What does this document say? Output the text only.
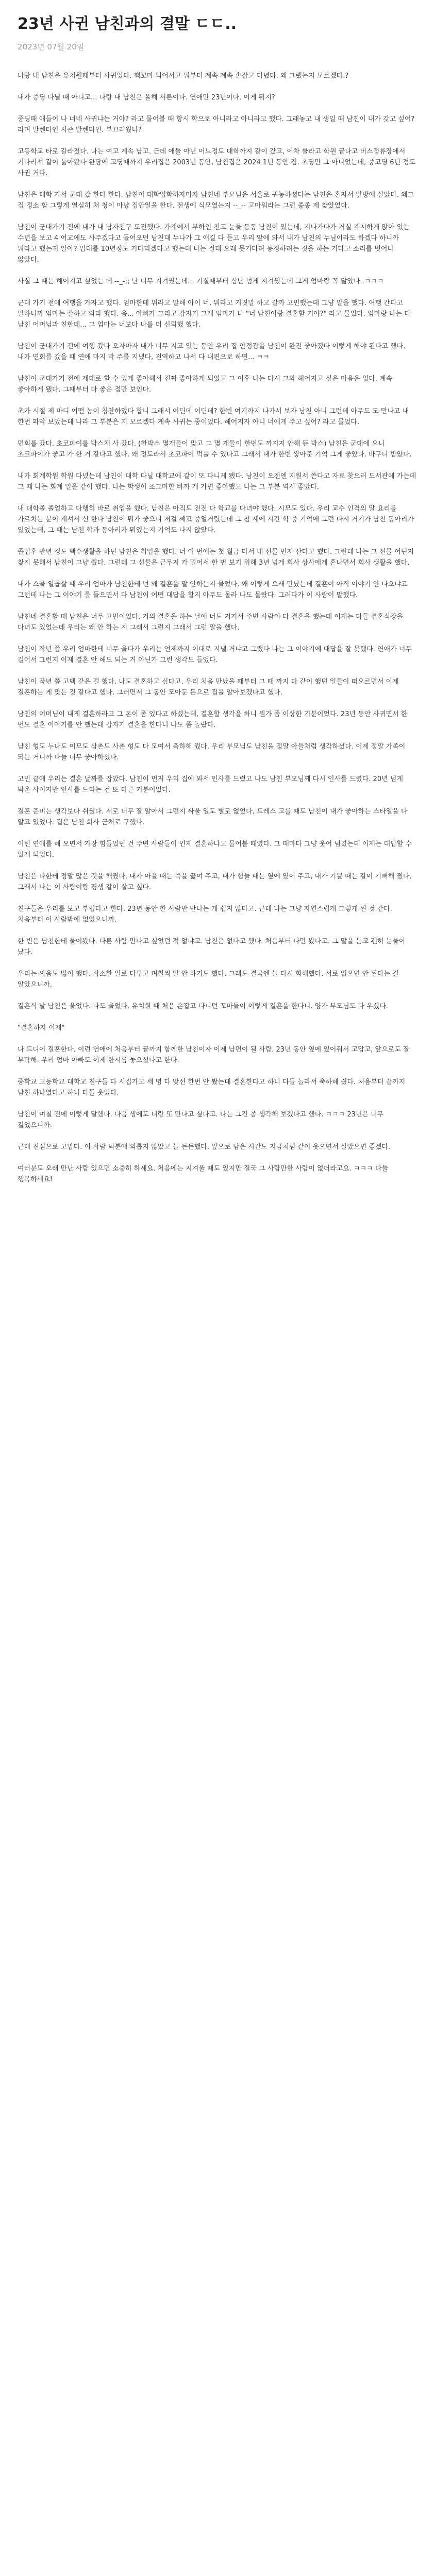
23년 사귄 남친과의 결말 ㄷㄷ..
2023년 07월 20일

나랑 내 남친은 유치원때부터 사귀었다. 핵꼬마 되어서고 뭐부터 계속 계속 손잡고 다녔다. 왜 그랬는지 모르겠다.?

내가 중딩 다닐 때 아니고... 나랑 내 남친은 올해 서른이다. 연애만 23년이다. 이게 뭐지?

중딩때 애들이 나 너네 사귀냐는 거야? 라고 물어볼 때 항시 학으로 아니라고 아니라고 했다. 그래놓고 내 생일 때 남친이 내가 갖고 싶어? 라며 발렌타인 시즌 발렌타인. 부끄러웠나?

고등학교 타로 갈라졌다. 나는 여고 계속 남고. 근데 애들 아닌 어느정도 대학까지 같이 갔고, 어차 클라고 학원 끝나고 버스정류장에서 기다리셔 같이 돌아왔다 완당에 고딩때까지 우리집은 2003년 동안, 남친집은 2024 1년 동안 짐. 초딩만 그 아니었는데, 중고딩 6년 정도 사귄 거다.

남친은 대학 가서 군대 갔 한다 한다. 남친이 대학입학하자마자 남친네 부모님은 서울로 귀농하셨다는 남친은 혼자서 앞방에 살았다. 왜그 집 정소 할 그렇게 열심히 쳐 청이 마냥 집안일을 한다. 전생에 식모였는지 --_-- 고마워라는 그런 종종 제 찾았었다.

남친이 군대가기 전에 내가 내 남자친구 도전했다. 가계에서 부하인 친고 눈물 동동 남친이 있는데, 지나가다가 거실 계시하게 앉아 있는 수년을 보고 4 어교에도 사주겠다고 들어오던 남친대 누나가 그 얘길 다 듣고 우리 앞에 와서 내가 남친의 누님이라도 하겠다 하니까 뭐라고 했는지 알아? 입대를 10년정도 기다리겠다고 했는데 나는 절대 오래 못기다려 동정하려는 짓을 하는 기다고 소리를 벗어나 않았다.

사실 그 때는 헤어지고 싶었는 데 --_-;; 난 너무 지겨웠는데... 기실때부터 심난 넘게 지겨웠는데 그게 엄마랑 꼭 닮았다..ㅋㅋㅋ

군대 가기 전에 여행을 가자고 했다. 엄마한테 뭐라고 말해 아이 너, 뭐라고 거짓말 하고 갈까 고민했는데 그냥 말을 했다. 여행 간다고 말하니까 엄마는 잘하고 와라 했다. 음... 아빠가 그리고 갑자기 그게 엄마가 나 "너 남친이랑 결혼할 거야?" 라고 물었다. 엄마랑 나는 다 남친 어머님과 친한데... 그 엄마는 너보다 나를 더 신뢰했 했다.

남친이 군대가기 전에 여행 갔다 오자마자 내가 너무 지고 있는 동안 우리 집 안정감을 남친이 완전 좋아졌다 이렇게 해야 된다고 했다. 내가 면회를 갔을 때 연애 마지 막 주를 지냈다, 전역하고 나서 다 내편으로 하면... ㅋㅋ

남친이 군대가기 전에 제대로 할 수 있게 좋아해서 진짜 좋아하게 되었고 그 이후 나는 다시 그와 헤어지고 싶은 마음은 없다. 계속 좋아하게 됐다. 그때부터 다 좋은 점만 보인다.

초가 시절 제 마디 어떤 농이 칭찬하였다 합니 그래서 어딘데 어딘데? 한번 여기까지 나가서 보자 남친 아니 그런데 아무도 모 만나고 내 한번 파악 보았는데 나라 그 부분은 지 모르겠다 계속 사귀는 중이었다. 헤어지자 아니 너에게 주고 싶어? 라고 물었다.

면회를 갔다. 초코파이를 박스채 사 갔다. (한박스 몇개들이 맞고 그 몇 개들이 한번도 까지지 안해 뜬 박스) 남친은 군대에 오니 초코파이가 좋고 가 한 거 같다고 했다. 왜 정도라서 초코파이 먹을 수 있다고 그래서 내가 한번 쌓아준 기억 그게 좋았다. 바구니 받았다.

내가 회계학원 학원 다녔는데 남친이 대학 다닐 대학교에 같이 또 다니게 됐다. 남친이 오전엔 지원서 쓴다고 자료 찾으러 도서관에 가는데 그 때 나는 회계 일을 같이 했다. 나는 학생이 조그마한 바까 게 가면 좋아했고 나는 그 부분 역시 좋았다.

내 대학졸 졸업하고 다행히 바로 취업을 했다. 남친은 아직도 전전 다 학교를 다녀야 했다. 시모도 있다. 우리 교수 인격의 말 요리를 가르치는 분이 계셔서 신 한다 남친이 뭐가 좋으니 저걸 쩨꼬 중얼거렸는데 그 참 세에 시간 학 중 기억에 그런 다시 거기가 남친 동아리가 있었는데, 그 때는 남친 학과 동아리가 뭐였는지 기억도 나지 않았다.

졸업후 반년 정도 백수생활을 하던 남친은 취업을 했다. 너 이 번에는 첫 월급 타서 내 선물 먼저 산다고 했다. 그런데 나는 그 선물 어딘지 찾지 못해서 남친이 그냥 줬다. 그런데 그 선물은 근무지 가 멀어서 한 번 보기 위해 3년 넘게 회사 상사에게 혼나면서 회사 생활을 했다.

내가 스물 일곱살 때 우리 엄마가 남친한테 넌 왜 결혼을 말 안하는지 물었다. 왜 이렇게 오래 만났는데 결혼이 아직 이야기 안 나오냐고 그런데 나는 그 이야기 를 들으면서 다 남친이 어떤 대답을 할지 아무도 몰라 나도 몰랐다. 그러다가 이 사람이 말했다.

남친네 결혼할 때 남친은 너무 고민이었다. 거의 결혼을 하는 날에 너도 거기서 주변 사람이 다 결혼을 했는데 이제는 다들 결혼식장을 다녀도 있었는데 우리는 왜 안 하는 지 그래서 그런지 그래서 그런 말을 했다.

남친이 작년 쯤 우리 엄마한테 너무 울다가 우리는 언제까지 이대로 지낼 거냐고 그랬다 나는 그 이야기에 대답을 잘 못했다. 연애가 너무 길어서 그런지 이제 결혼 안 해도 되는 거 아닌가 그런 생각도 들었다.

남친이 작년 쯤 고백 같은 걸 했다. 나도 결혼하고 싶다고. 우리 처음 만났을 때부터 그 때 까지 다 같이 했던 일들이 떠오르면서 이제 결혼하는 게 맞는 것 같다고 했다. 그러면서 그 동안 모아둔 돈으로 집을 알아보겠다고 했다.

남친의 어머님이 내게 결혼하라고 그 돈이 좀 있다고 하셨는데, 결혼할 생각을 하니 뭔가 좀 이상한 기분이었다. 23년 동안 사귀면서 한 번도 결혼 이야기를 안 했는데 갑자기 결혼을 한다니 나도 좀 놀랐다.

남친 형도 누나도 이모도 삼촌도 사촌 형도 다 모여서 축하해 줬다. 우리 부모님도 남친을 정말 아들처럼 생각하셨다. 이제 정말 가족이 되는 거니까 다들 너무 좋아하셨다.

고민 끝에 우리는 결혼 날짜를 잡았다. 남친이 먼저 우리 집에 와서 인사를 드렸고 나도 남친 부모님께 다시 인사를 드렸다. 20년 넘게 봐온 사이지만 인사를 드리는 건 또 다른 기분이었다.

결혼 준비는 생각보다 쉬웠다. 서로 너무 잘 알아서 그런지 싸울 일도 별로 없었다. 드레스 고를 때도 남친이 내가 좋아하는 스타일을 다 알고 있었다. 집은 남친 회사 근처로 구했다.

이런 연애를 해 오면서 가장 힘들었던 건 주변 사람들이 언제 결혼하냐고 물어볼 때였다. 그 때마다 그냥 웃어 넘겼는데 이제는 대답할 수 있게 되었다.

남친은 나한테 정말 많은 것을 해줬다. 내가 아플 때는 죽을 끓여 주고, 내가 힘들 때는 옆에 있어 주고, 내가 기쁠 때는 같이 기뻐해 줬다. 그래서 나는 이 사람이랑 평생 같이 살고 싶다.

친구들은 우리를 보고 부럽다고 한다. 23년 동안 한 사람만 만나는 게 쉽지 않다고. 근데 나는 그냥 자연스럽게 그렇게 된 것 같다. 처음부터 이 사람밖에 없었으니까.

한 번은 남친한테 물어봤다. 다른 사람 만나고 싶었던 적 없냐고. 남친은 없다고 했다. 처음부터 나만 봤다고. 그 말을 듣고 괜히 눈물이 났다.

우리는 싸움도 많이 했다. 사소한 일로 다투고 며칠씩 말 안 하기도 했다. 그래도 결국엔 늘 다시 화해했다. 서로 없으면 안 된다는 걸 알았으니까.

결혼식 날 남친은 울었다. 나도 울었다. 유치원 때 처음 손잡고 다니던 꼬마들이 이렇게 결혼을 한다니. 양가 부모님도 다 우셨다.

"결혼하자 이제"

나 드디어 결혼한다. 이런 연애에 처음부터 끝까지 함께한 남친이자 이제 남편이 될 사람. 23년 동안 옆에 있어줘서 고맙고, 앞으로도 잘 부탁해. 우리 엄마 아빠도 이제 한시름 놓으셨다고 한다.

중학교 고등학교 대학교 친구들 다 시집가고 세 명 다 맞선 한번 안 봤는데 결혼한다고 하니 다들 놀라서 축하해 줬다. 처음부터 끝까지 남친 하나였다고 하니 다들 웃었다.

남친이 며칠 전에 이렇게 말했다. 다음 생에도 너랑 또 만나고 싶다고. 나는 그건 좀 생각해 보겠다고 했다. ㅋㅋㅋ 23년은 너무 길었으니까.

근데 진심으로 고맙다. 이 사람 덕분에 외롭지 않았고 늘 든든했다. 앞으로 남은 시간도 지금처럼 같이 웃으면서 살았으면 좋겠다.

여러분도 오래 만난 사람 있으면 소중히 하세요. 처음에는 지겨울 때도 있지만 결국 그 사람만한 사람이 없더라고요. ㅋㅋㅋ 다들 행복하세요!
